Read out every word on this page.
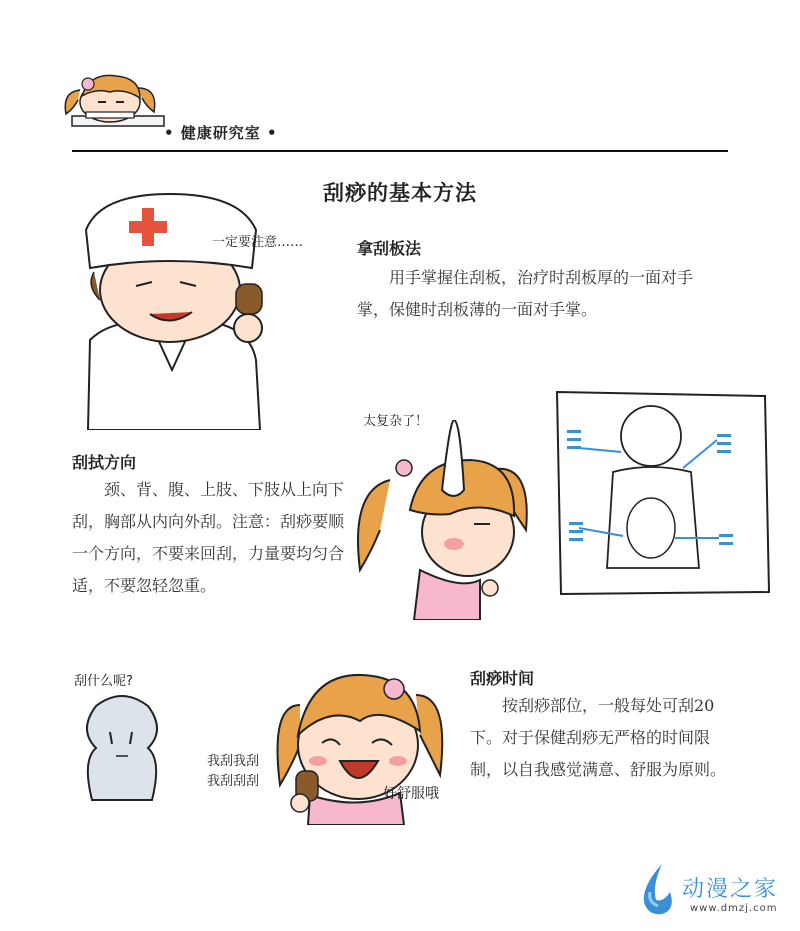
• 健康研究室 •
刮痧的基本方法
一定要注意……	拿刮板法
用手掌握住刮板，治疗时刮板厚的一面对手掌，保健时刮板薄的一面对手掌。
太复杂了！
刮拭方向
颈、背、腹、上肢、下肢从上向下刮，胸部从内向外刮。注意：刮痧要顺一个方向，不要来回刮，力量要均匀合适，不要忽轻忽重。
刮什么呢?
我刮我刮
我刮刮刮
好舒服哦
刮痧时间
按刮痧部位，一般每处可刮20下。对于保健刮痧无严格的时间限制，以自我感觉满意、舒服为原则。
动漫之家
www.dmzj.com
